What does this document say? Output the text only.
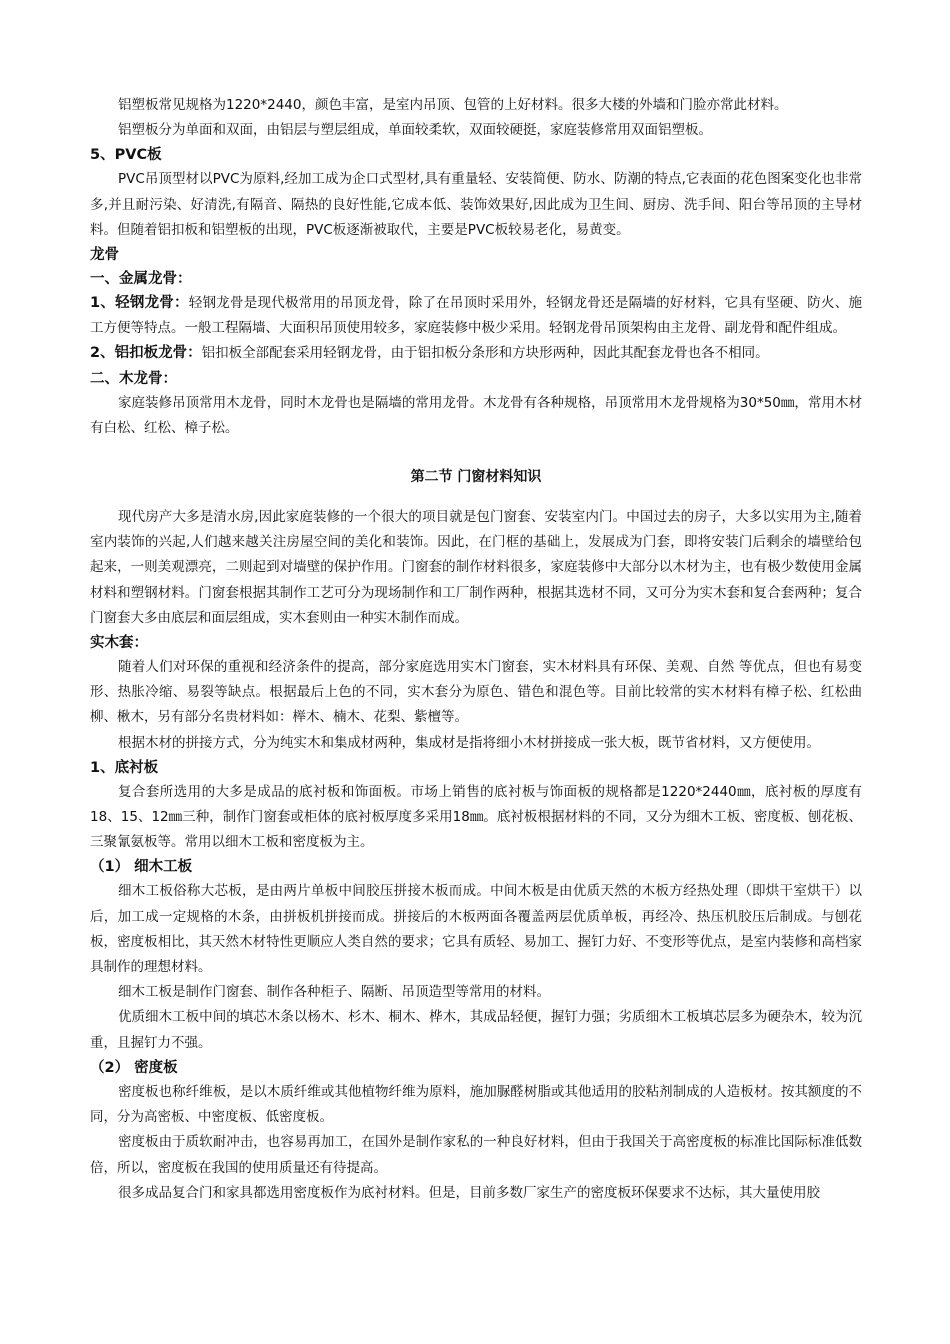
铝塑板常见规格为1220*2440，颜色丰富，是室内吊顶、包管的上好材料。很多大楼的外墙和门脸亦常此材料。

铝塑板分为单面和双面，由铝层与塑层组成，单面较柔软，双面较硬挺，家庭装修常用双面铝塑板。

5、PVC板

PVC吊顶型材以PVC为原料,经加工成为企口式型材,具有重量轻、安装简便、防水、防潮的特点,它表面的花色图案变化也非常多,并且耐污染、好清洗,有隔音、隔热的良好性能,它成本低、装饰效果好,因此成为卫生间、厨房、洗手间、阳台等吊顶的主导材料。但随着铝扣板和铝塑板的出现，PVC板逐渐被取代，主要是PVC板较易老化，易黄变。

龙骨

一、金属龙骨：

1、轻钢龙骨：轻钢龙骨是现代极常用的吊顶龙骨，除了在吊顶时采用外，轻钢龙骨还是隔墙的好材料，它具有坚硬、防火、施工方便等特点。一般工程隔墙、大面积吊顶使用较多，家庭装修中极少采用。轻钢龙骨吊顶架构由主龙骨、副龙骨和配件组成。

2、铝扣板龙骨：铝扣板全部配套采用轻钢龙骨，由于铝扣板分条形和方块形两种，因此其配套龙骨也各不相同。

二、木龙骨：

家庭装修吊顶常用木龙骨，同时木龙骨也是隔墙的常用龙骨。木龙骨有各种规格，吊顶常用木龙骨规格为30*50㎜，常用木材有白松、红松、樟子松。

第二节 门窗材料知识

现代房产大多是清水房,因此家庭装修的一个很大的项目就是包门窗套、安装室内门。中国过去的房子，大多以实用为主,随着室内装饰的兴起,人们越来越关注房屋空间的美化和装饰。因此，在门框的基础上，发展成为门套，即将安装门后剩余的墙壁给包起来，一则美观漂亮，二则起到对墙壁的保护作用。门窗套的制作材料很多，家庭装修中大部分以木材为主，也有极少数使用金属材料和塑钢材料。门窗套根据其制作工艺可分为现场制作和工厂制作两种，根据其选材不同，又可分为实木套和复合套两种；复合门窗套大多由底层和面层组成，实木套则由一种实木制作而成。

实木套：

随着人们对环保的重视和经济条件的提高，部分家庭选用实木门窗套，实木材料具有环保、美观、自然 等优点，但也有易变形、热胀冷缩、易裂等缺点。根据最后上色的不同，实木套分为原色、错色和混色等。目前比较常的实木材料有樟子松、红松曲柳、楸木，另有部分名贵材料如：榉木、楠木、花梨、紫檀等。

根据木材的拼接方式，分为纯实木和集成材两种，集成材是指将细小木材拼接成一张大板，既节省材料，又方便使用。

1、底衬板

复合套所选用的大多是成品的底衬板和饰面板。市场上销售的底衬板与饰面板的规格都是1220*2440㎜，底衬板的厚度有18、15、12㎜三种，制作门窗套或柜体的底衬板厚度多采用18㎜。底衬板根据材料的不同，又分为细木工板、密度板、刨花板、三聚氰氨板等。常用以细木工板和密度板为主。

（1） 细木工板

细木工板俗称大芯板，是由两片单板中间胶压拼接木板而成。中间木板是由优质天然的木板方经热处理（即烘干室烘干）以后，加工成一定规格的木条，由拼板机拼接而成。拼接后的木板两面各覆盖两层优质单板，再经冷、热压机胶压后制成。与刨花板，密度板相比，其天然木材特性更顺应人类自然的要求；它具有质轻、易加工、握钉力好、不变形等优点，是室内装修和高档家具制作的理想材料。

细木工板是制作门窗套、制作各种柜子、隔断、吊顶造型等常用的材料。

优质细木工板中间的填芯木条以杨木、杉木、桐木、桦木，其成品轻便，握钉力强；劣质细木工板填芯层多为硬杂木，较为沉重，且握钉力不强。

（2） 密度板

密度板也称纤维板，是以木质纤维或其他植物纤维为原料，施加脲醛树脂或其他适用的胶粘剂制成的人造板材。按其额度的不同，分为高密板、中密度板、低密度板。

密度板由于质软耐冲击，也容易再加工，在国外是制作家私的一种良好材料，但由于我国关于高密度板的标准比国际标准低数倍，所以，密度板在我国的使用质量还有待提高。

很多成品复合门和家具都选用密度板作为底衬材料。但是，目前多数厂家生产的密度板环保要求不达标，其大量使用胶
